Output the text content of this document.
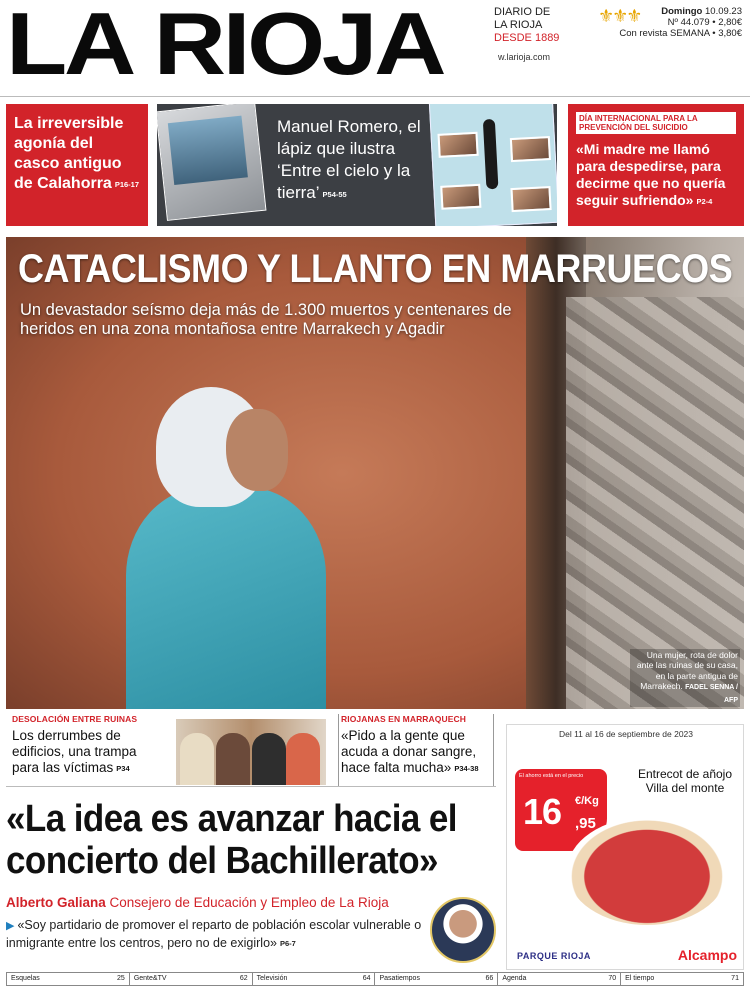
LA RIOJA	DIARIO DE
LA RIOJA
DESDE 1889
w.larioja.com
⚜⚜⚜	Domingo 10.09.23
Nº 44.079 • 2,80€
Con revista SEMANA • 3,80€
La irreversible agonía del casco antiguo de Calahorra P16-17
Manuel Romero, el lápiz que ilustra ‘Entre el cielo y la tierra’ P54-55
DÍA INTERNACIONAL PARA LA PREVENCIÓN DEL SUICIDIO
«Mi madre me llamó para despedirse, para decirme que no quería seguir sufriendo» P2-4
CATACLISMO Y LLANTO EN MARRUECOS
Un devastador seísmo deja más de 1.300 muertos y centenares de heridos en una zona montañosa entre Marrakech y Agadir
Una mujer, rota de dolor ante las ruinas de su casa, en la parte antigua de Marrakech. FADEL SENNA / AFP
DESOLACIÓN ENTRE RUINAS
Los derrumbes de edificios, una trampa para las víctimas P34
RIOJANAS EN MARRAQUECH
«Pido a la gente que acuda a donar sangre, hace falta mucha» P34-38
«La idea es avanzar hacia el concierto del Bachillerato»
Alberto Galiana Consejero de Educación y Empleo de La Rioja
▶ «Soy partidario de promover el reparto de población escolar vulnerable o inmigrante entre los centros, pero no de exigirlo» P6-7
Del 11 al 16 de septiembre de 2023
El ahorro está en el precio
16 €/Kg
,95
Entrecot de añojo
Villa del monte
PARQUE RIOJA	Alcampo
Esquelas	25 Gente&TV	62 Televisión	64 Pasatiempos	66 Agenda	70 El tiempo	71
